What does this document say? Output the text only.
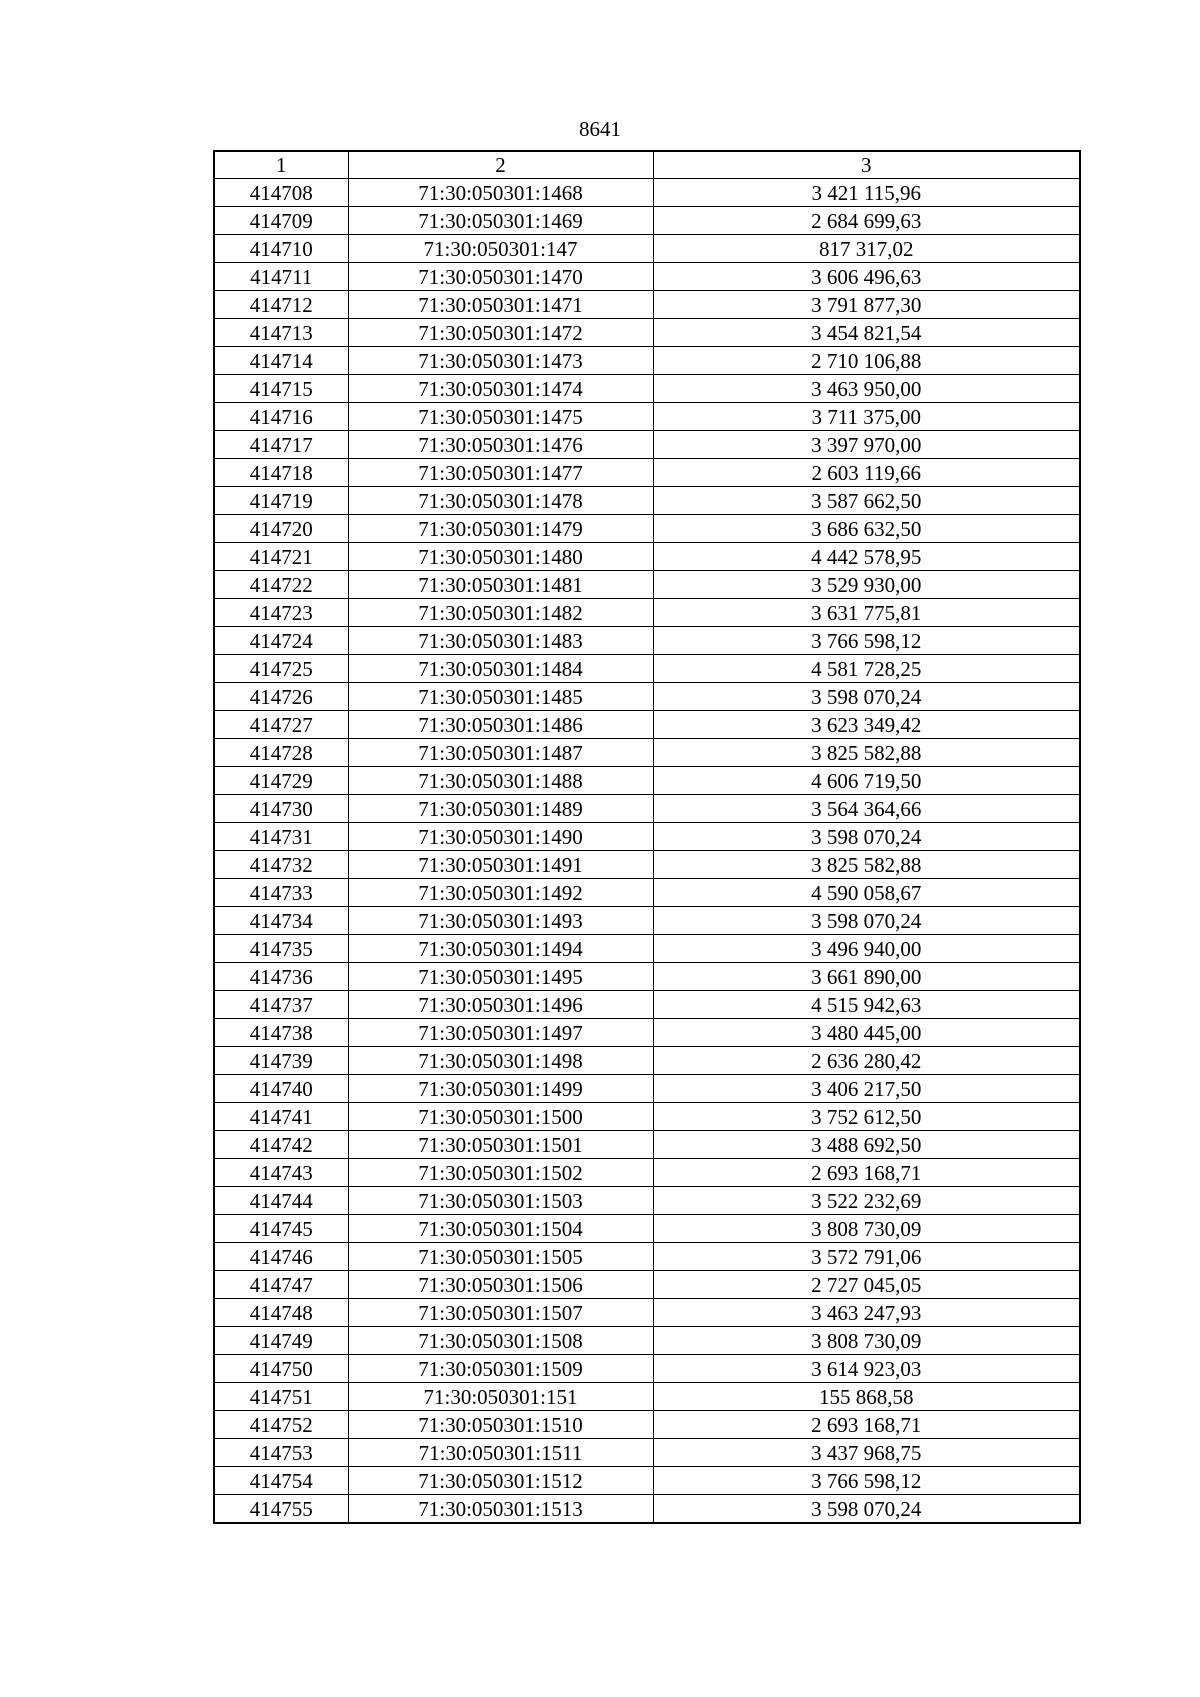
8641
1	2	3
414708	71:30:050301:1468	3 421 115,96
414709	71:30:050301:1469	2 684 699,63
414710	71:30:050301:147	817 317,02
414711	71:30:050301:1470	3 606 496,63
414712	71:30:050301:1471	3 791 877,30
414713	71:30:050301:1472	3 454 821,54
414714	71:30:050301:1473	2 710 106,88
414715	71:30:050301:1474	3 463 950,00
414716	71:30:050301:1475	3 711 375,00
414717	71:30:050301:1476	3 397 970,00
414718	71:30:050301:1477	2 603 119,66
414719	71:30:050301:1478	3 587 662,50
414720	71:30:050301:1479	3 686 632,50
414721	71:30:050301:1480	4 442 578,95
414722	71:30:050301:1481	3 529 930,00
414723	71:30:050301:1482	3 631 775,81
414724	71:30:050301:1483	3 766 598,12
414725	71:30:050301:1484	4 581 728,25
414726	71:30:050301:1485	3 598 070,24
414727	71:30:050301:1486	3 623 349,42
414728	71:30:050301:1487	3 825 582,88
414729	71:30:050301:1488	4 606 719,50
414730	71:30:050301:1489	3 564 364,66
414731	71:30:050301:1490	3 598 070,24
414732	71:30:050301:1491	3 825 582,88
414733	71:30:050301:1492	4 590 058,67
414734	71:30:050301:1493	3 598 070,24
414735	71:30:050301:1494	3 496 940,00
414736	71:30:050301:1495	3 661 890,00
414737	71:30:050301:1496	4 515 942,63
414738	71:30:050301:1497	3 480 445,00
414739	71:30:050301:1498	2 636 280,42
414740	71:30:050301:1499	3 406 217,50
414741	71:30:050301:1500	3 752 612,50
414742	71:30:050301:1501	3 488 692,50
414743	71:30:050301:1502	2 693 168,71
414744	71:30:050301:1503	3 522 232,69
414745	71:30:050301:1504	3 808 730,09
414746	71:30:050301:1505	3 572 791,06
414747	71:30:050301:1506	2 727 045,05
414748	71:30:050301:1507	3 463 247,93
414749	71:30:050301:1508	3 808 730,09
414750	71:30:050301:1509	3 614 923,03
414751	71:30:050301:151	155 868,58
414752	71:30:050301:1510	2 693 168,71
414753	71:30:050301:1511	3 437 968,75
414754	71:30:050301:1512	3 766 598,12
414755	71:30:050301:1513	3 598 070,24
